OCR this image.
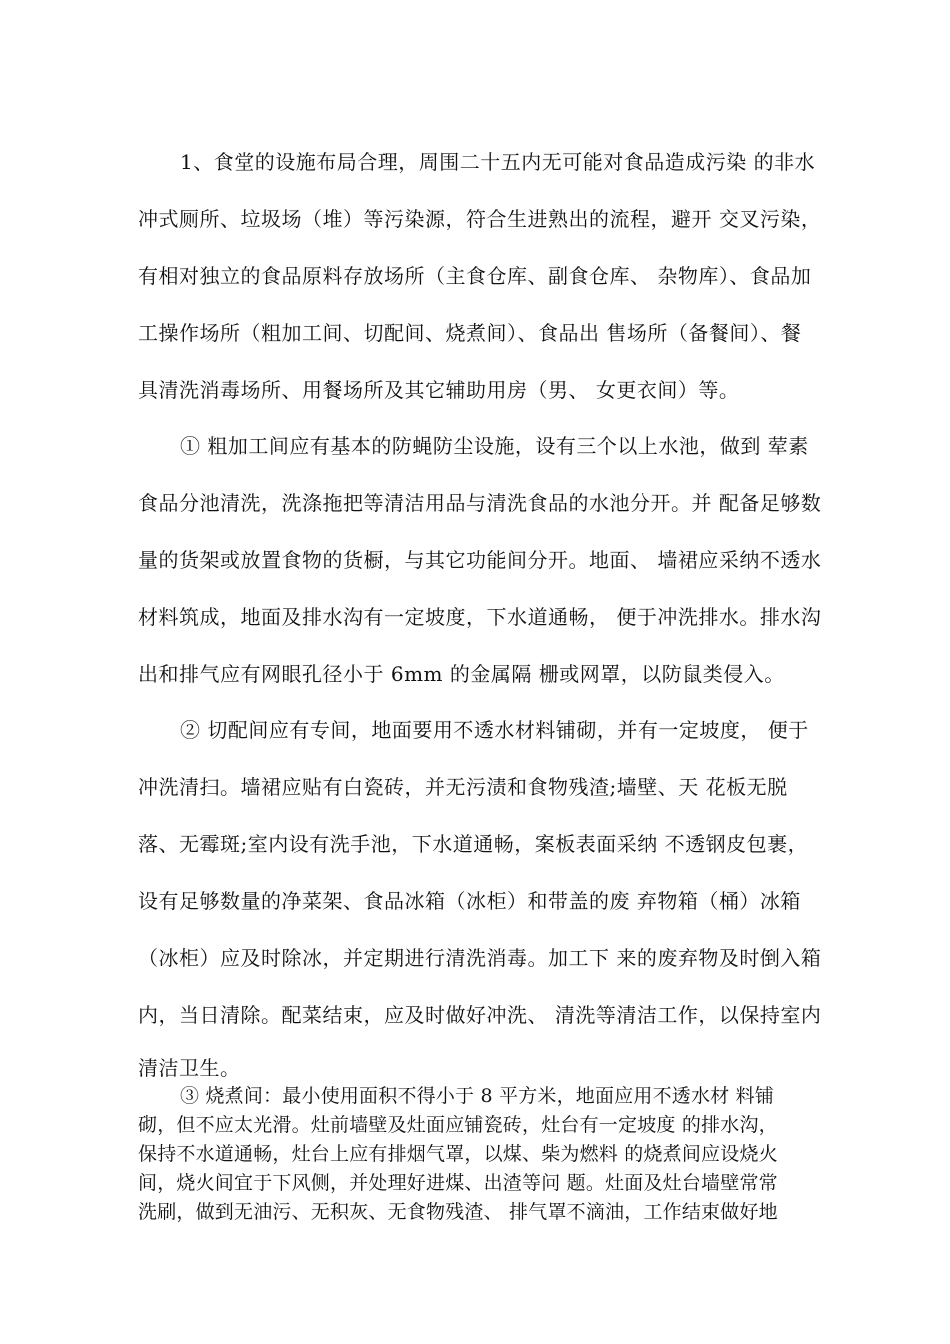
1、食堂的设施布局合理，周围二十五内无可能对食品造成污染 的非水
冲式厕所、垃圾场（堆）等污染源，符合生进熟出的流程，避开 交叉污染，
有相对独立的食品原料存放场所（主食仓库、副食仓库、 杂物库）、食品加
工操作场所（粗加工间、切配间、烧煮间）、食品出 售场所（备餐间）、餐
具清洗消毒场所、用餐场所及其它辅助用房（男、 女更衣间）等。
① 粗加工间应有基本的防蝇防尘设施，设有三个以上水池，做到 荤素
食品分池清洗，洗涤拖把等清洁用品与清洗食品的水池分开。并 配备足够数
量的货架或放置食物的货橱，与其它功能间分开。地面、 墙裙应采纳不透水
材料筑成，地面及排水沟有一定坡度，下水道通畅， 便于冲洗排水。排水沟
出和排气应有网眼孔径小于 6mm 的金属隔 栅或网罩，以防鼠类侵入。
② 切配间应有专间，地面要用不透水材料铺砌，并有一定坡度， 便于
冲洗清扫。墙裙应贴有白瓷砖，并无污渍和食物残渣;墙壁、天 花板无脱
落、无霉斑;室内设有洗手池，下水道通畅，案板表面采纳 不透钢皮包裹，
设有足够数量的净菜架、食品冰箱（冰柜）和带盖的废 弃物箱（桶）冰箱
（冰柜）应及时除冰，并定期进行清洗消毒。加工下 来的废弃物及时倒入箱
内，当日清除。配菜结束，应及时做好冲洗、 清洗等清洁工作，以保持室内
清洁卫生。
③ 烧煮间：最小使用面积不得小于 8 平方米，地面应用不透水材 料铺
砌，但不应太光滑。灶前墙壁及灶面应铺瓷砖，灶台有一定坡度 的排水沟，
保持不水道通畅，灶台上应有排烟气罩，以煤、柴为燃料 的烧煮间应设烧火
间，烧火间宜于下风侧，并处理好进煤、出渣等问 题。灶面及灶台墙壁常常
洗刷，做到无油污、无积灰、无食物残渣、 排气罩不滴油，工作结束做好地
